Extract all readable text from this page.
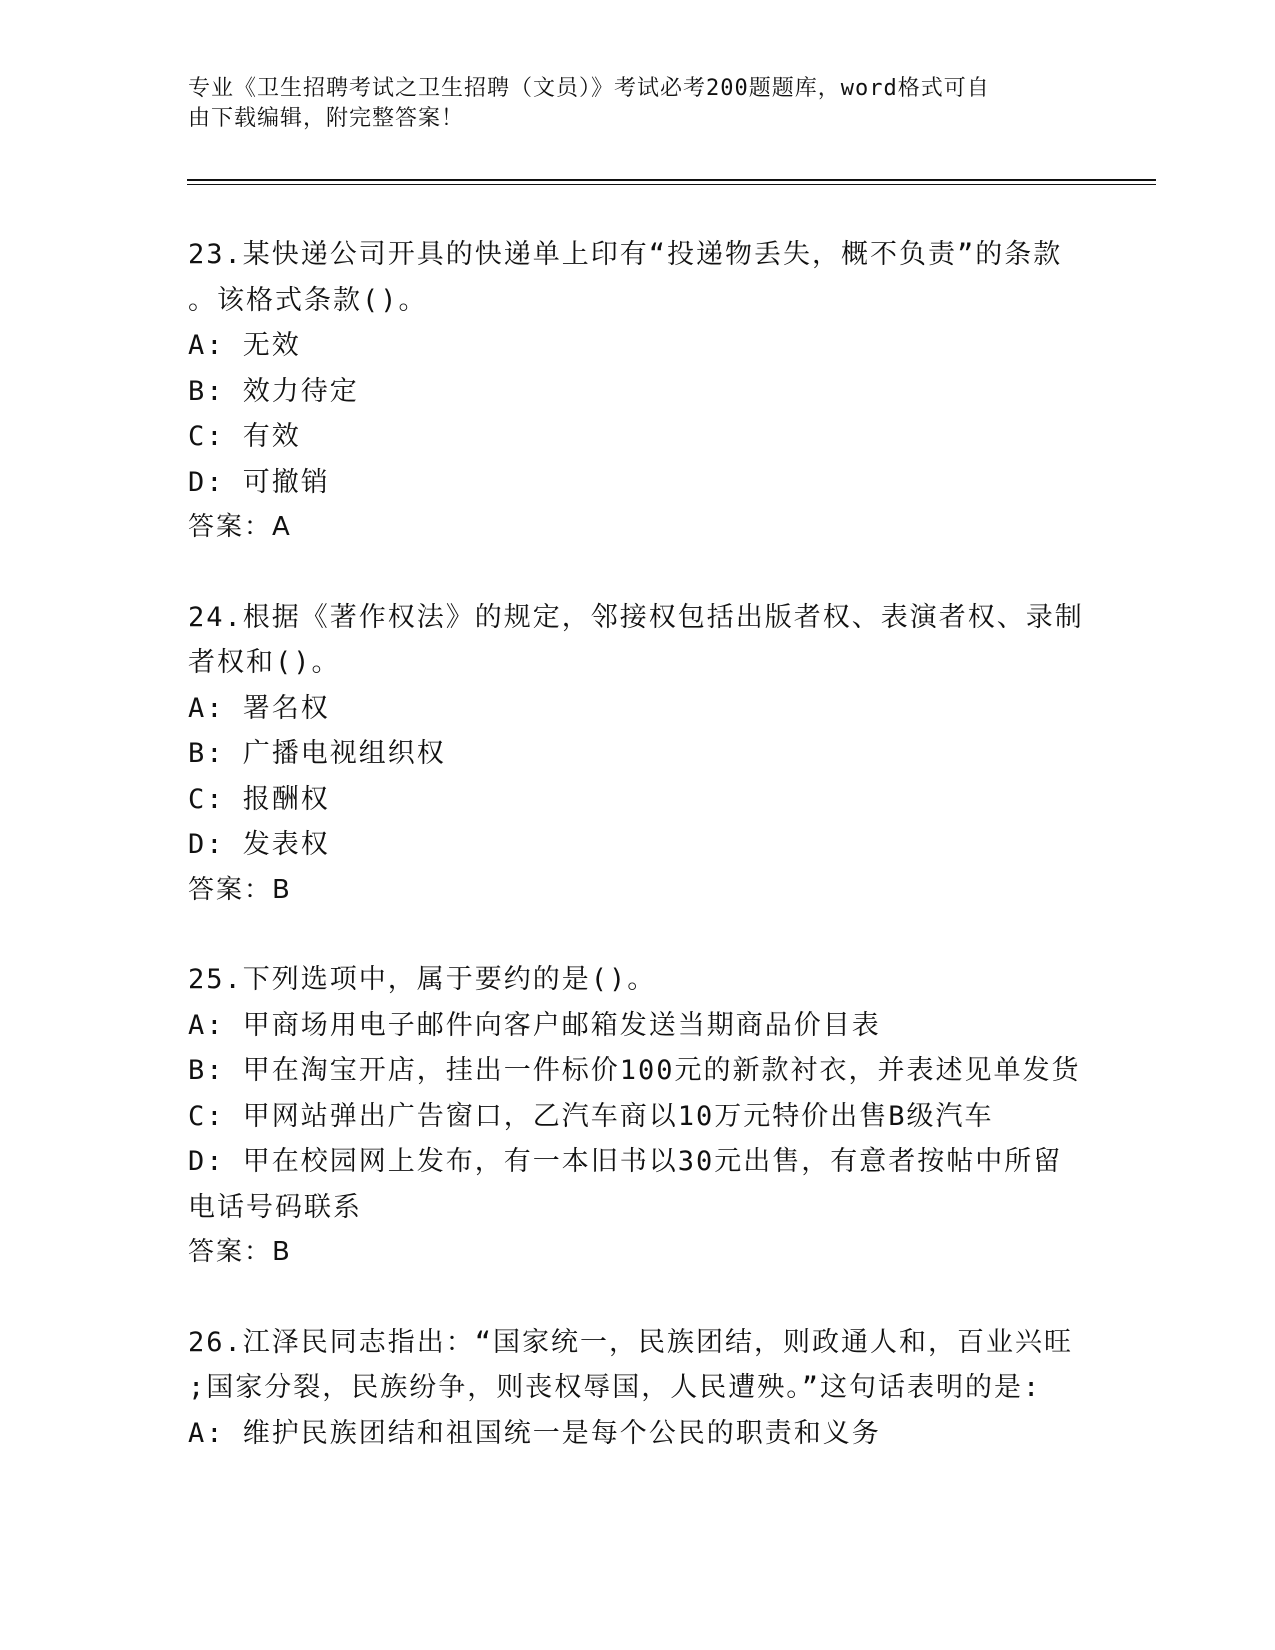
专业《卫生招聘考试之卫生招聘（文员）》考试必考200题题库，word格式可自
由下载编辑，附完整答案！
23.某快递公司开具的快递单上印有“投递物丢失，概不负责”的条款
。该格式条款()。
A: 无效
B: 效力待定
C: 有效
D: 可撤销
答案：A
24.根据《著作权法》的规定，邻接权包括出版者权、表演者权、录制
者权和()。
A: 署名权
B: 广播电视组织权
C: 报酬权
D: 发表权
答案：B
25.下列选项中，属于要约的是()。
A: 甲商场用电子邮件向客户邮箱发送当期商品价目表
B: 甲在淘宝开店，挂出一件标价100元的新款衬衣，并表述见单发货
C: 甲网站弹出广告窗口，乙汽车商以10万元特价出售B级汽车
D: 甲在校园网上发布，有一本旧书以30元出售，有意者按帖中所留
电话号码联系
答案：B
26.江泽民同志指出：“国家统一，民族团结，则政通人和，百业兴旺
;国家分裂，民族纷争，则丧权辱国，人民遭殃。”这句话表明的是:
A: 维护民族团结和祖国统一是每个公民的职责和义务
